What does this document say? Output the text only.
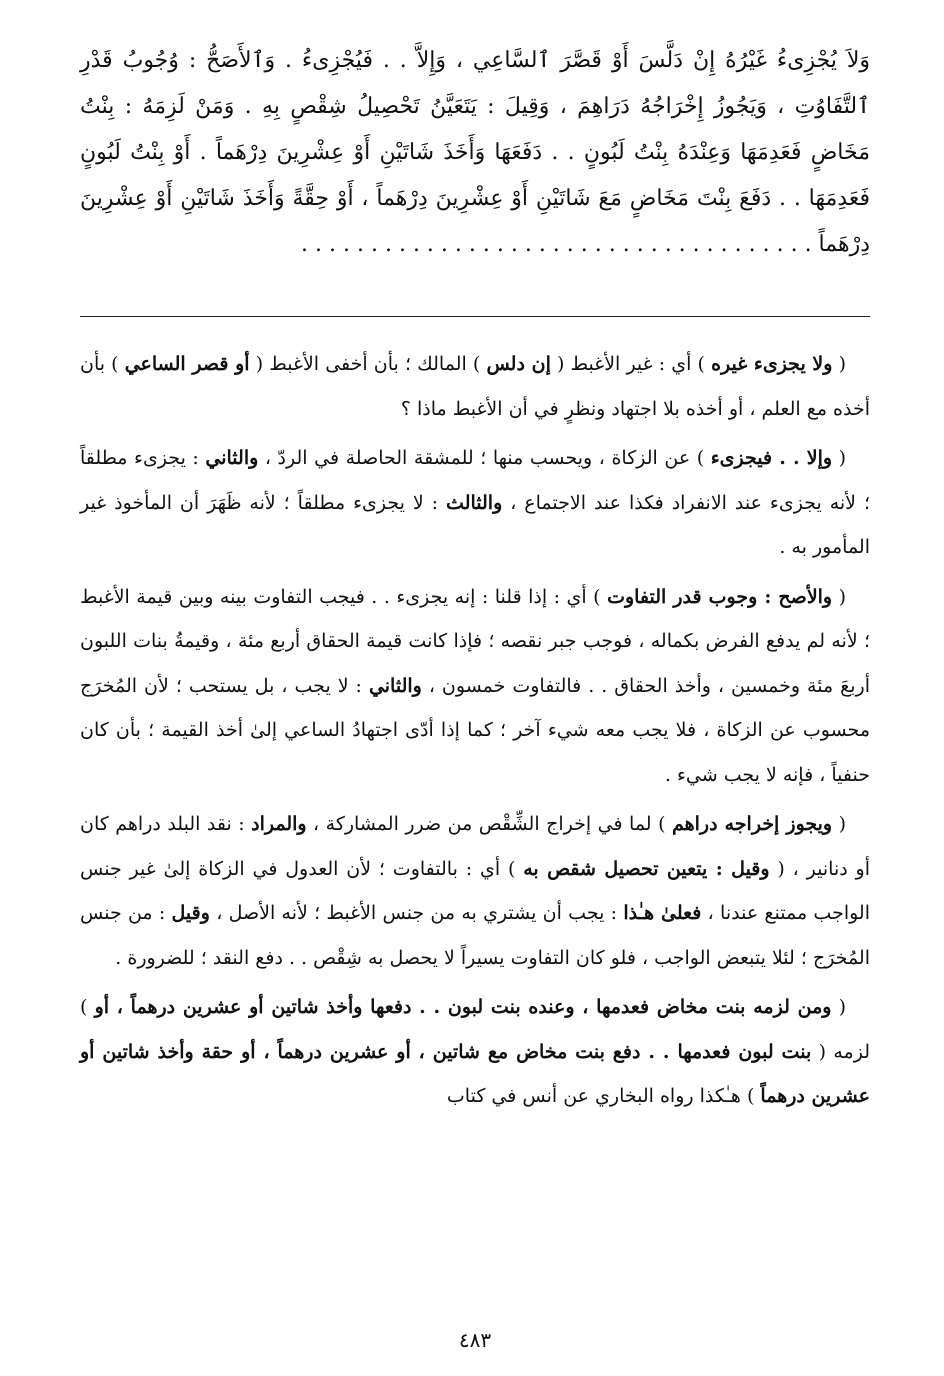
وَلاَ يُجْزِىءُ غَيْرُهُ إِنْ دَلَّسَ أَوْ قَصَّرَ ٱلسَّاعِي ، وَإِلاَّ . . فَيُجْزِىءُ . وَٱلأَصَحُّ : وُجُوبُ قَدْرِ ٱلتَّفَاوُتِ ، وَيَجُوزُ إِخْرَاجُهُ دَرَاهِمَ ، وَقِيلَ : يَتَعَيَّنُ تَحْصِيلُ شِقْصٍ بِهِ . وَمَنْ لَزِمَهُ : بِنْتُ مَخَاضٍ فَعَدِمَهَا وَعِنْدَهُ بِنْتُ لَبُونٍ . . دَفَعَهَا وَأَخَذَ شَاتَيْنِ أَوْ عِشْرِينَ دِرْهَماً . أَوْ بِنْتُ لَبُونٍ فَعَدِمَهَا . . دَفَعَ بِنْتَ مَخَاضٍ مَعَ شَاتَيْنِ أَوْ عِشْرِينَ دِرْهَماً ، أَوْ حِقَّةً وَأَخَذَ شَاتَيْنِ أَوْ عِشْرِينَ دِرْهَماً . . . . . . . . . . . . . . . . . . . . . . . . . . . . . . . . . . . . .

( ولا يجزىء غيره ) أي : غير الأغبط ( إن دلس ) المالك ؛ بأن أخفى الأغبط ( أو قصر الساعي ) بأن أخذه مع العلم ، أو أخذه بلا اجتهاد ونظرٍ في أن الأغبط ماذا ؟

( وإلا . . فيجزىء ) عن الزكاة ، ويحسب منها ؛ للمشقة الحاصلة في الردّ ، والثاني : يجزىء مطلقاً ؛ لأنه يجزىء عند الانفراد فكذا عند الاجتماع ، والثالث : لا يجزىء مطلقاً ؛ لأنه ظَهَرَ أن المأخوذ غير المأمور به .

( والأصح : وجوب قدر التفاوت ) أي : إذا قلنا : إنه يجزىء . . فيجب التفاوت بينه وبين قيمة الأغبط ؛ لأنه لم يدفع الفرض بكماله ، فوجب جبر نقصه ؛ فإذا كانت قيمة الحقاق أربع مئة ، وقيمةُ بنات اللبون أربعَ مئة وخمسين ، وأخذ الحقاق . . فالتفاوت خمسون ، والثاني : لا يجب ، بل يستحب ؛ لأن المُخرَج محسوب عن الزكاة ، فلا يجب معه شيء آخر ؛ كما إذا أدّى اجتهادُ الساعي إلىٰ أخذ القيمة ؛ بأن كان حنفياً ، فإنه لا يجب شيء .

( ويجوز إخراجه دراهم ) لما في إخراج الشِّقْص من ضرر المشاركة ، والمراد : نقد البلد دراهم كان أو دنانير ، ( وقيل : يتعين تحصيل شقص به ) أي : بالتفاوت ؛ لأن العدول في الزكاة إلىٰ غير جنس الواجب ممتنع عندنا ، فعلىٰ هـٰذا : يجب أن يشتري به من جنس الأغبط ؛ لأنه الأصل ، وقيل : من جنس المُخرَج ؛ لئلا يتبعض الواجب ، فلو كان التفاوت يسيراً لا يحصل به شِقْص . . دفع النقد ؛ للضرورة .

( ومن لزمه بنت مخاض فعدمها ، وعنده بنت لبون . . دفعها وأخذ شاتين أو عشرين درهماً ، أو ) لزمه ( بنت لبون فعدمها . . دفع بنت مخاض مع شاتين ، أو عشرين درهماً ، أو حقة وأخذ شاتين أو عشرين درهماً ) هـٰكذا رواه البخاري عن أنس في كتاب

٤٨٣
